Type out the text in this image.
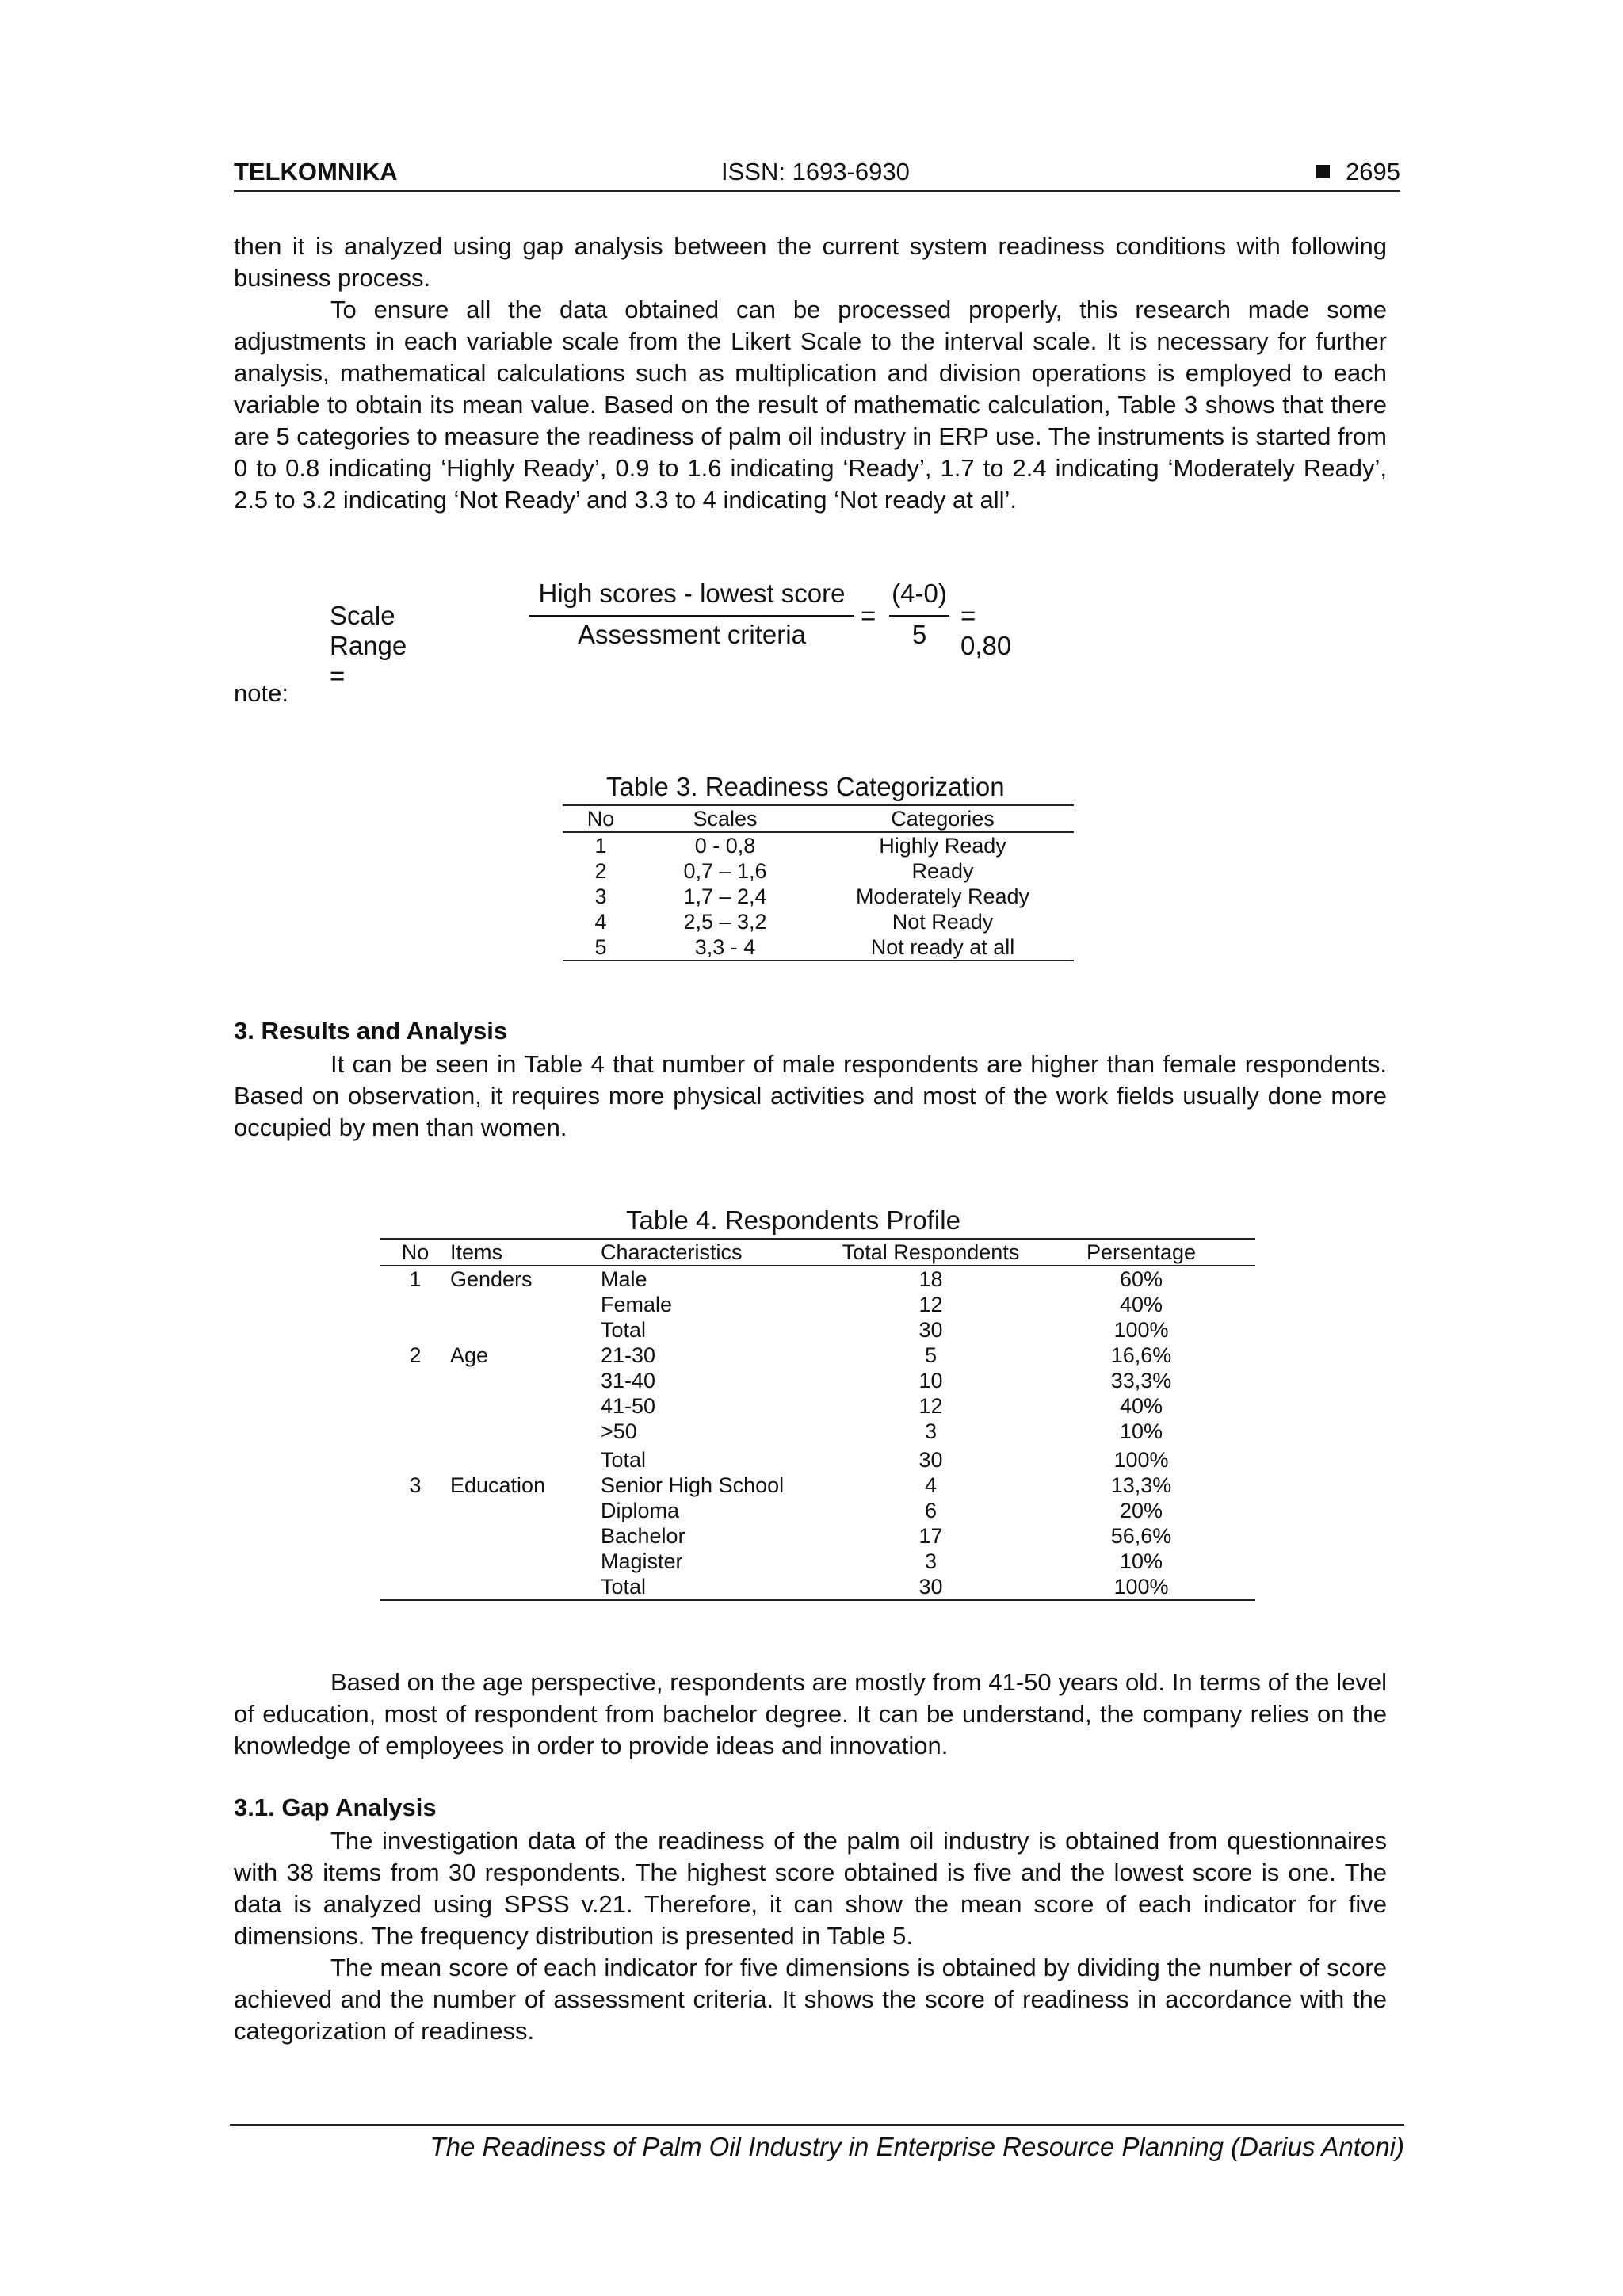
TELKOMNIKA	ISSN: 1693-6930	2695

then it is analyzed using gap analysis between the current system readiness conditions with following business process.

To ensure all the data obtained can be processed properly, this research made some adjustments in each variable scale from the Likert Scale to the interval scale. It is necessary for further analysis, mathematical calculations such as multiplication and division operations is employed to each variable to obtain its mean value. Based on the result of mathematic calculation, Table 3 shows that there are 5 categories to measure the readiness of palm oil industry in ERP use. The instruments is started from 0 to 0.8 indicating ‘Highly Ready’, 0.9 to 1.6 indicating ‘Ready’, 1.7 to 2.4 indicating ‘Moderately Ready’, 2.5 to 3.2 indicating ‘Not Ready’ and 3.3 to 4 indicating ‘Not ready at all’.

Scale Range =
High scores - lowest score
Assessment criteria
=
(4-0)
5
= 0,80
note:
Table 3. Readiness Categorization
No	Scales	Categories
1	0 - 0,8	Highly Ready
2	0,7 – 1,6	Ready
3	1,7 – 2,4	Moderately Ready
4	2,5 – 3,2	Not Ready
5	3,3 - 4	Not ready at all
3. Results and Analysis

It can be seen in Table 4 that number of male respondents are higher than female respondents. Based on observation, it requires more physical activities and most of the work fields usually done more occupied by men than women.

Table 4. Respondents Profile
No	Items	Characteristics	Total Respondents	Persentage
1	Genders	Male	18	60%
		Female	12	40%
		Total	30	100%
2	Age	21-30	5	16,6%
		31-40	10	33,3%
		41-50	12	40%
		>50	3	10%
		Total	30	100%
3	Education	Senior High School	4	13,3%
		Diploma	6	20%
		Bachelor	17	56,6%
		Magister	3	10%
		Total	30	100%

Based on the age perspective, respondents are mostly from 41-50 years old. In terms of the level of education, most of respondent from bachelor degree. It can be understand, the company relies on the knowledge of employees in order to provide ideas and innovation.

3.1. Gap Analysis

The investigation data of the readiness of the palm oil industry is obtained from questionnaires with 38 items from 30 respondents. The highest score obtained is five and the lowest score is one. The data is analyzed using SPSS v.21. Therefore, it can show the mean score of each indicator for five dimensions. The frequency distribution is presented in Table 5.

The mean score of each indicator for five dimensions is obtained by dividing the number of score achieved and the number of assessment criteria. It shows the score of readiness in accordance with the categorization of readiness.

The Readiness of Palm Oil Industry in Enterprise Resource Planning (Darius Antoni)
